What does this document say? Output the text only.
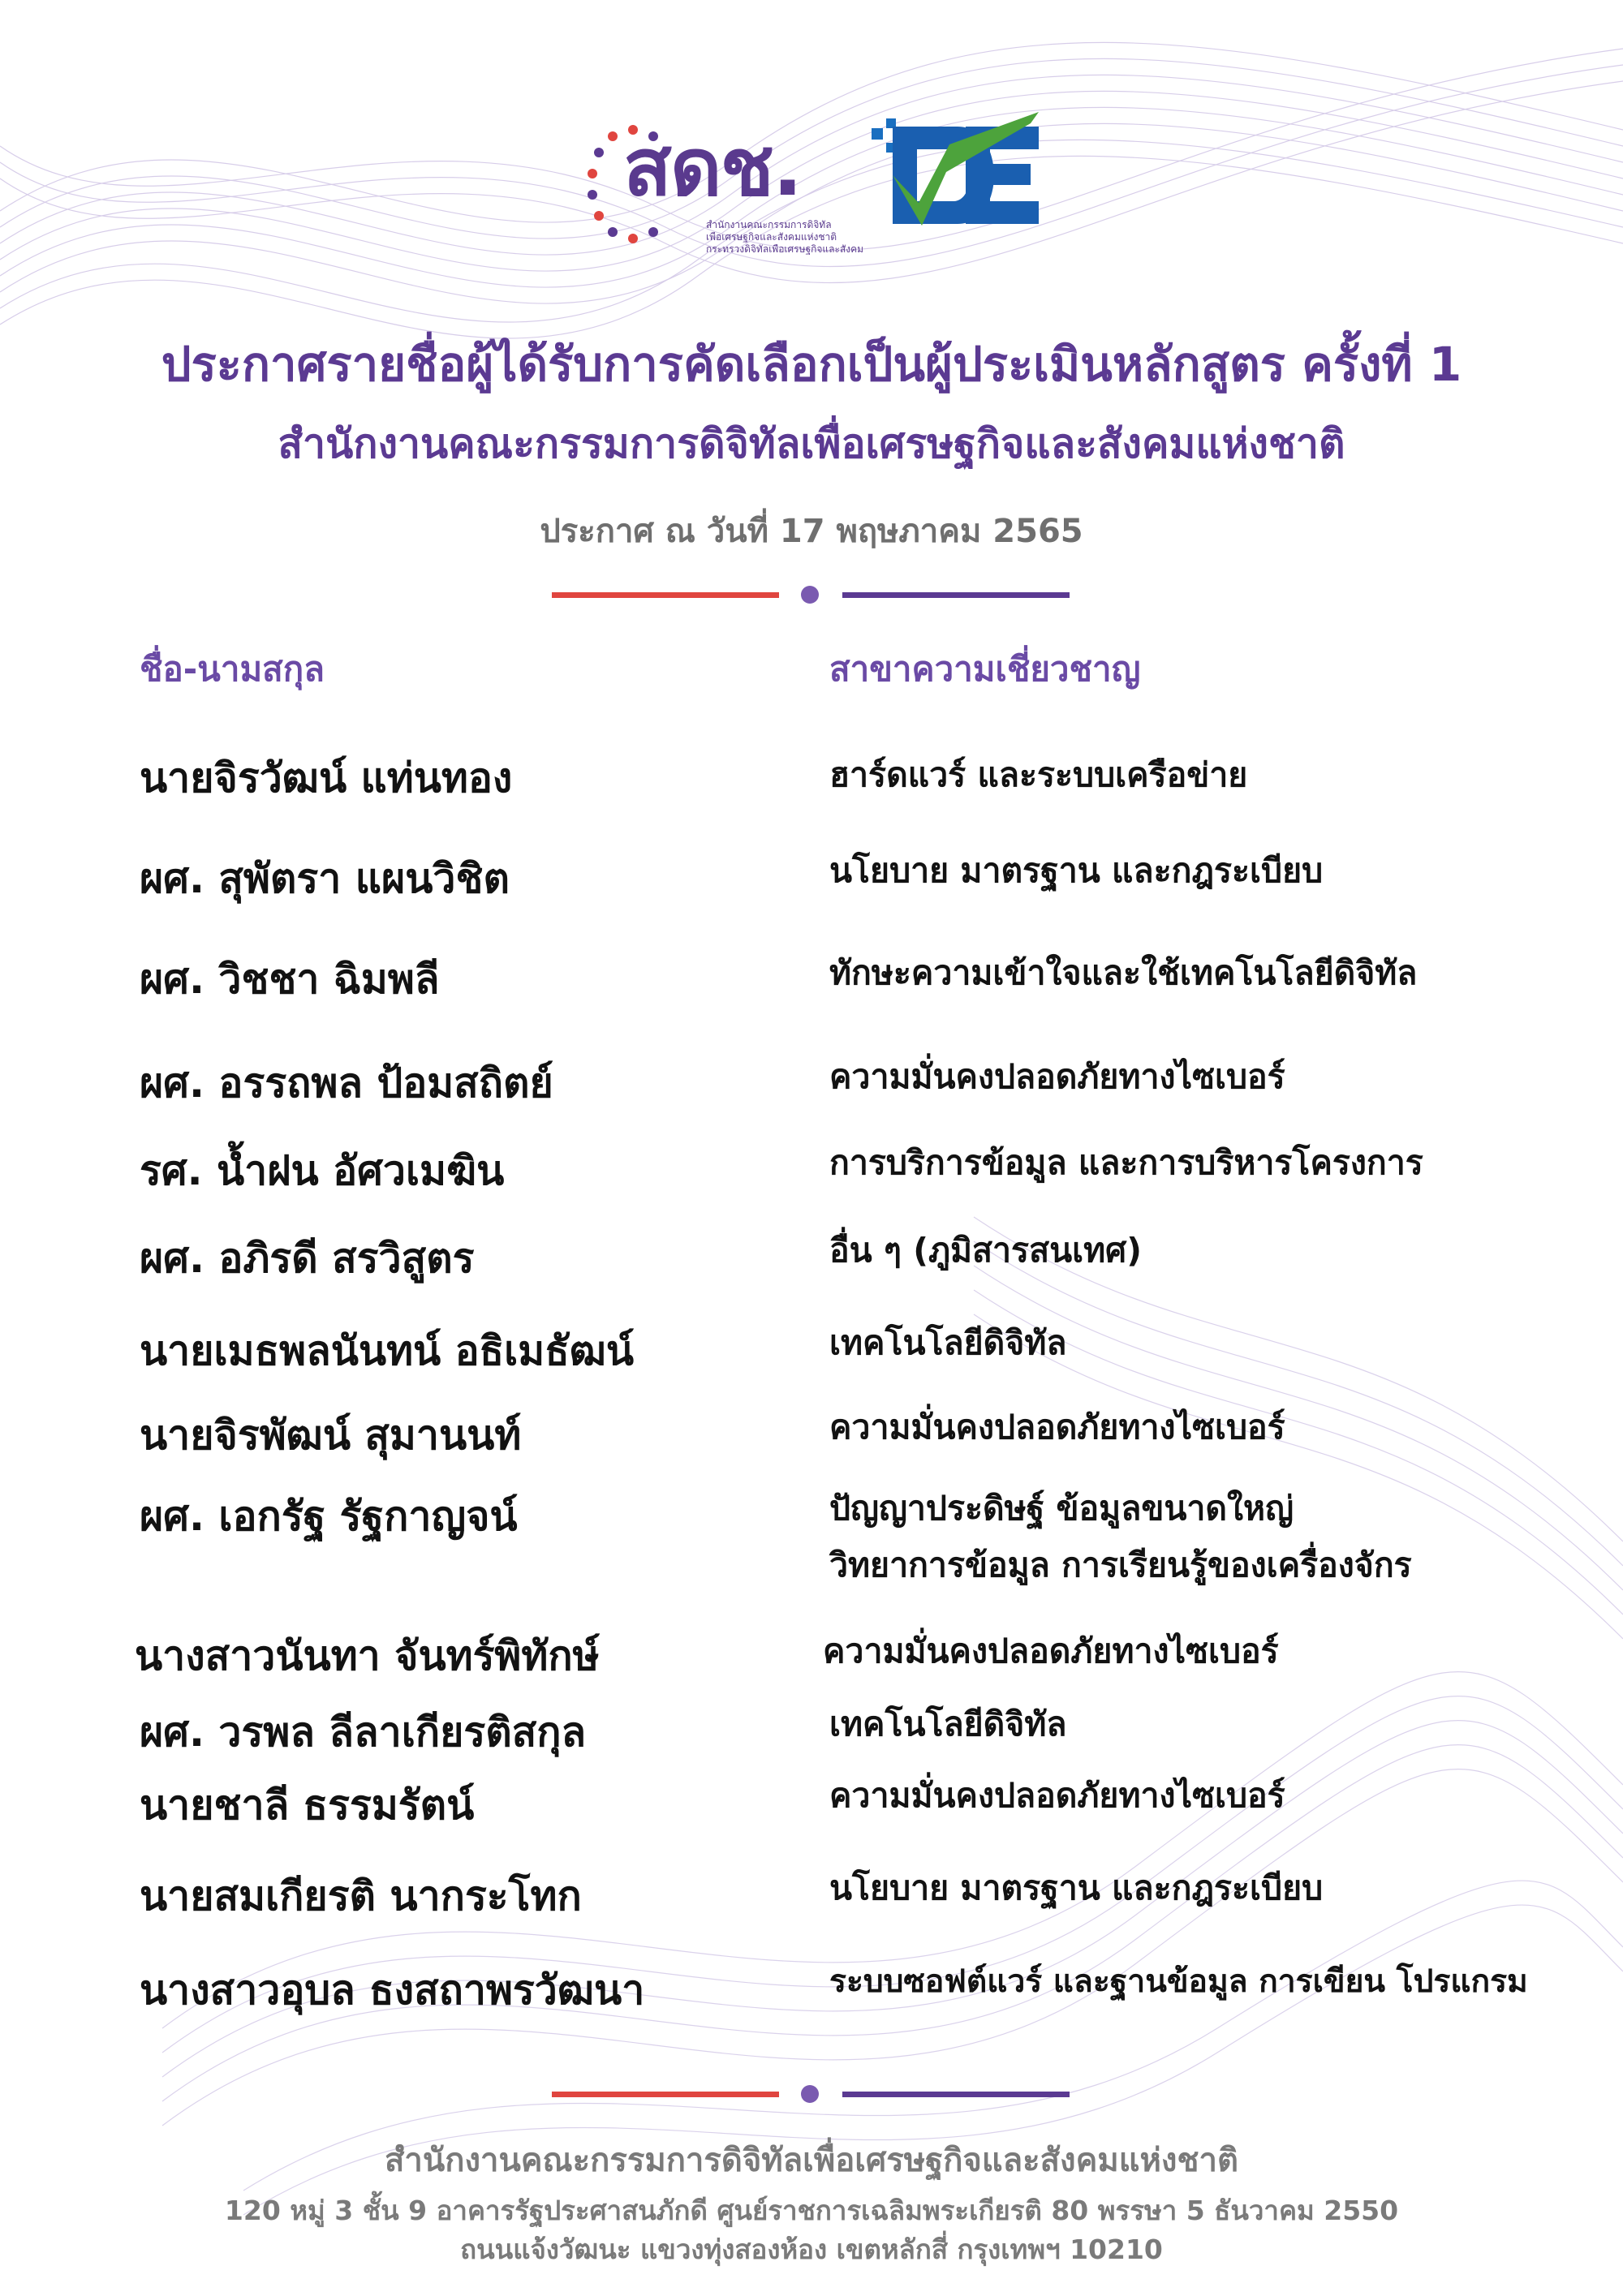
สดช.
สำนักงานคณะกรรมการดิจิทัล
เพื่อเศรษฐกิจและสังคมแห่งชาติ
กระทรวงดิจิทัลเพื่อเศรษฐกิจและสังคม
ประกาศรายชื่อผู้ได้รับการคัดเลือกเป็นผู้ประเมินหลักสูตร ครั้งที่ 1
สำนักงานคณะกรรมการดิจิทัลเพื่อเศรษฐกิจและสังคมแห่งชาติ
ประกาศ ณ วันที่ 17 พฤษภาคม 2565
ชื่อ-นามสกุล	สาขาความเชี่ยวชาญ
นายจิรวัฒน์ แท่นทอง	ฮาร์ดแวร์ และระบบเครือข่าย
ผศ. สุพัตรา แผนวิชิต	นโยบาย มาตรฐาน และกฎระเบียบ
ผศ. วิชชา ฉิมพลี	ทักษะความเข้าใจและใช้เทคโนโลยีดิจิทัล
ผศ. อรรถพล ป้อมสถิตย์	ความมั่นคงปลอดภัยทางไซเบอร์
รศ. น้ำฝน อัศวเมฆิน	การบริการข้อมูล และการบริหารโครงการ
ผศ. อภิรดี สรวิสูตร	อื่น ๆ (ภูมิสารสนเทศ)
นายเมธพลนันทน์ อธิเมธัฒน์	เทคโนโลยีดิจิทัล
นายจิรพัฒน์ สุมานนท์	ความมั่นคงปลอดภัยทางไซเบอร์
ผศ. เอกรัฐ รัฐกาญจน์	ปัญญาประดิษฐ์ ข้อมูลขนาดใหญ่
วิทยาการข้อมูล การเรียนรู้ของเครื่องจักร
นางสาวนันทา จันทร์พิทักษ์	ความมั่นคงปลอดภัยทางไซเบอร์
ผศ. วรพล ลีลาเกียรติสกุล	เทคโนโลยีดิจิทัล
นายชาลี ธรรมรัตน์	ความมั่นคงปลอดภัยทางไซเบอร์
นายสมเกียรติ นากระโทก	นโยบาย มาตรฐาน และกฎระเบียบ
นางสาวอุบล ธงสถาพรวัฒนา	ระบบซอฟต์แวร์ และฐานข้อมูล การเขียน โปรแกรม
สำนักงานคณะกรรมการดิจิทัลเพื่อเศรษฐกิจและสังคมแห่งชาติ
120 หมู่ 3 ชั้น 9 อาคารรัฐประศาสนภักดี ศูนย์ราชการเฉลิมพระเกียรติ 80 พรรษา 5 ธันวาคม 2550
ถนนแจ้งวัฒนะ แขวงทุ่งสองห้อง เขตหลักสี่ กรุงเทพฯ 10210
